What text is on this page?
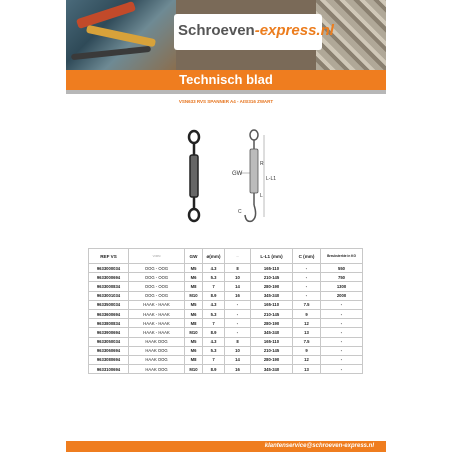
Schroeven-express.nl
Technisch blad
VSN633 RVS SPANNER A4 - AISI316 ZWART
GW
R
L-L1
L
C
REF VS	VORM	GW	ø(mm)	—	L-L1 (mm)	C (mm)	Breuksterkte in KG
9633000034	OOG - OOG	M5	4.3	8	165-110	-	550
9633000694	OOG - OOG	M6	5.3	10	210-145	-	750
9633000834	OOG - OOG	M8	7	14	280-190	-	1300
9633001034	OOG - OOG	M10	8.9	16	345-240	-	2000
9633500034	HAAK - HAAK	M5	4.3	-	165-110	7.5	-
9633600694	HAAK - HAAK	M6	5.3	-	210-145	9	-
9633800834	HAAK - HAAK	M8	7	-	280-190	12	-
9633900694	HAAK - HAAK	M10	8.9	-	345-240	13	-
9633050034	HAAK OOG	M5	4.3	8	165-110	7.5	-
9633060694	HAAK OOG	M6	5.3	10	210-145	9	-
9633080694	HAAK OOG	M8	7	14	280-190	12	-
9633100694	HAAK OOG	M10	8.9	16	345-240	13	-
klantenservice@schroeven-express.nl
